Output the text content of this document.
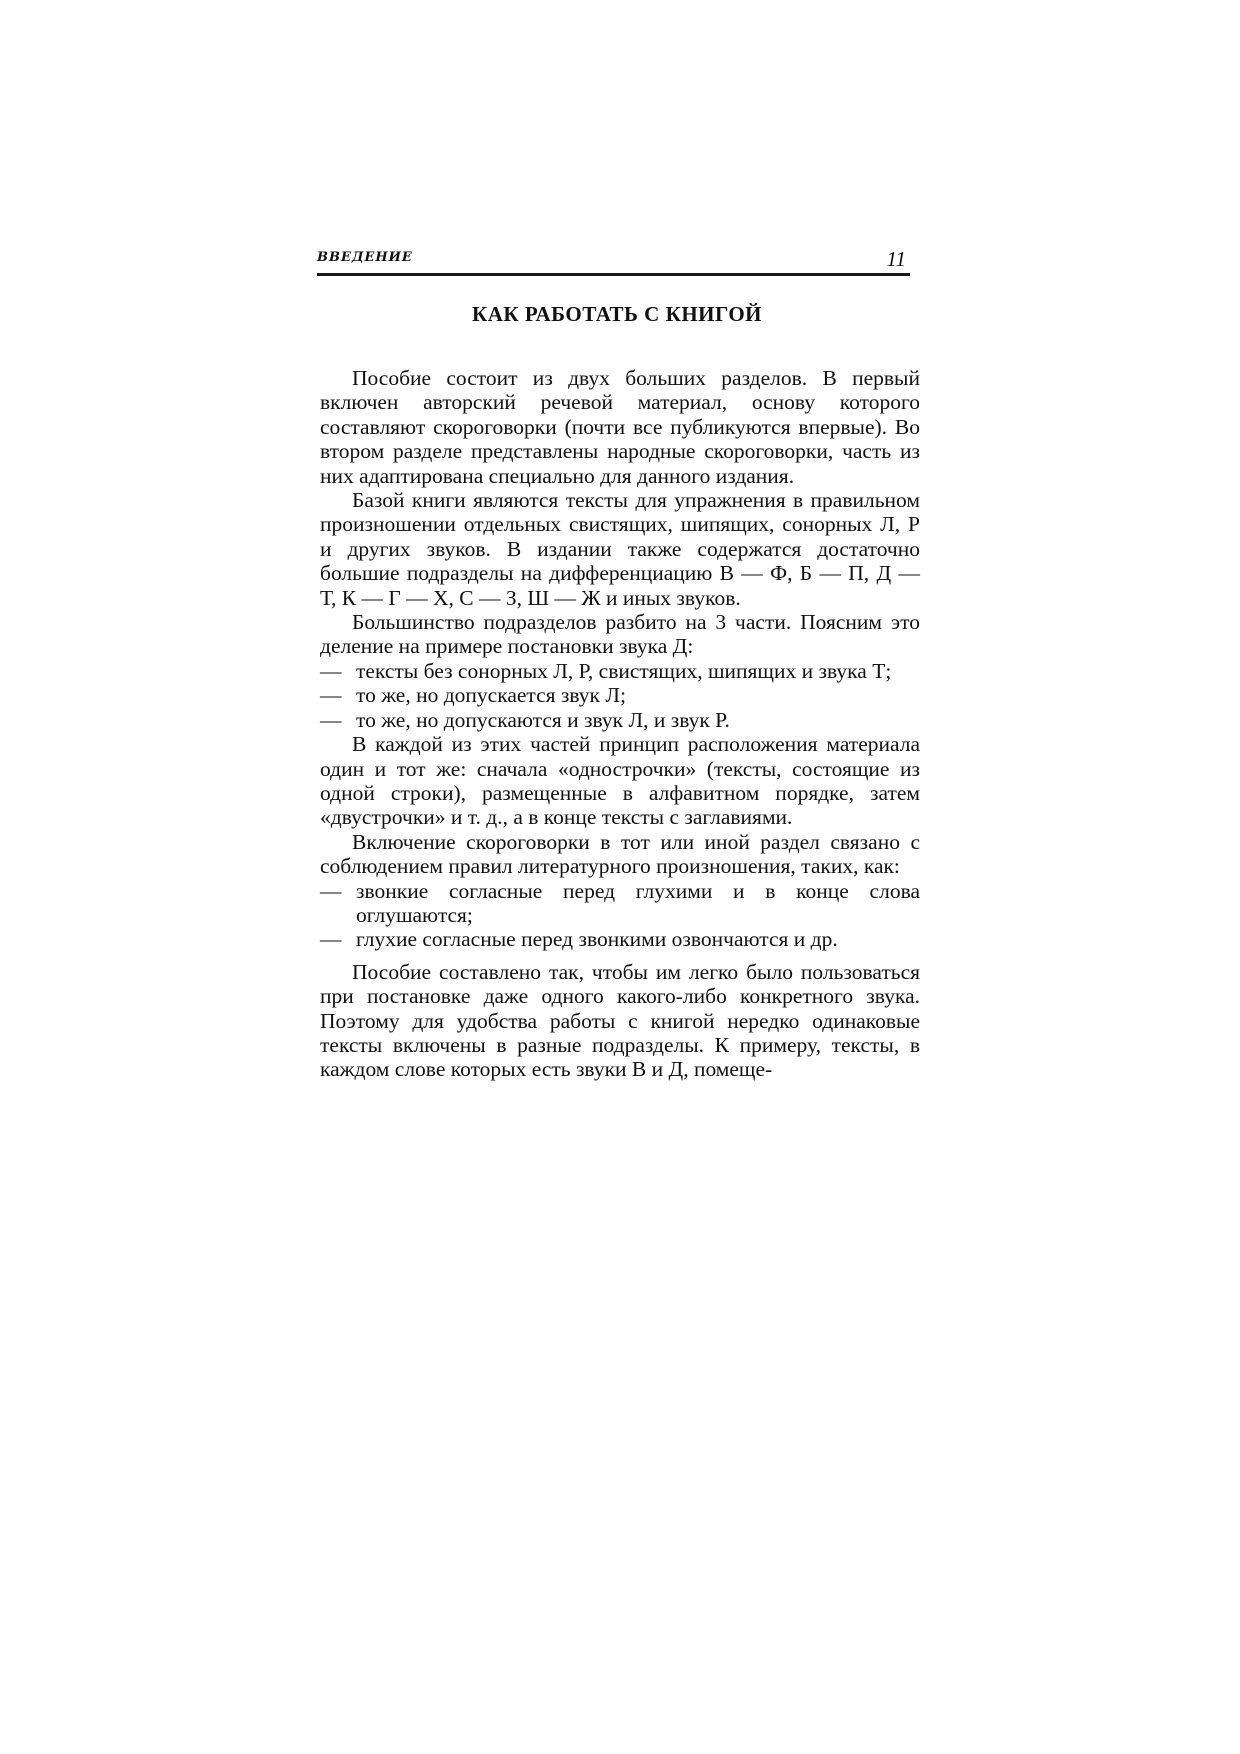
ВВЕДЕНИЕ	11
КАК РАБОТАТЬ С КНИГОЙ

Пособие состоит из двух больших разделов. В первый включен авторский речевой материал, основу которого составляют скороговорки (почти все публикуются впервые). Во втором разделе представлены народные скороговорки, часть из них адаптирована специально для данного издания.

Базой книги являются тексты для упражнения в правильном произношении отдельных свистящих, шипящих, сонорных Л, Р и других звуков. В издании также содержатся достаточно большие подразделы на дифференциацию В — Ф, Б — П, Д — Т, К — Г — Х, С — З, Ш — Ж и иных звуков.

Большинство подразделов разбито на 3 части. Поясним это деление на примере постановки звука Д:

— тексты без сонорных Л, Р, свистящих, шипящих и звука Т;
— то же, но допускается звук Л;
— то же, но допускаются и звук Л, и звук Р.

В каждой из этих частей принцип расположения материала один и тот же: сначала «однострочки» (тексты, состоящие из одной строки), размещенные в алфавитном порядке, затем «двустрочки» и т. д., а в конце тексты с заглавиями.

Включение скороговорки в тот или иной раздел связано с соблюдением правил литературного произношения, таких, как:

— звонкие согласные перед глухими и в конце слова оглушаются;
— глухие согласные перед звонкими озвончаются и др.

Пособие составлено так, чтобы им легко было пользоваться при постановке даже одного какого-либо конкретного звука. Поэтому для удобства работы с книгой нередко одинаковые тексты включены в разные подразделы. К примеру, тексты, в каждом слове которых есть звуки В и Д, помеще-
